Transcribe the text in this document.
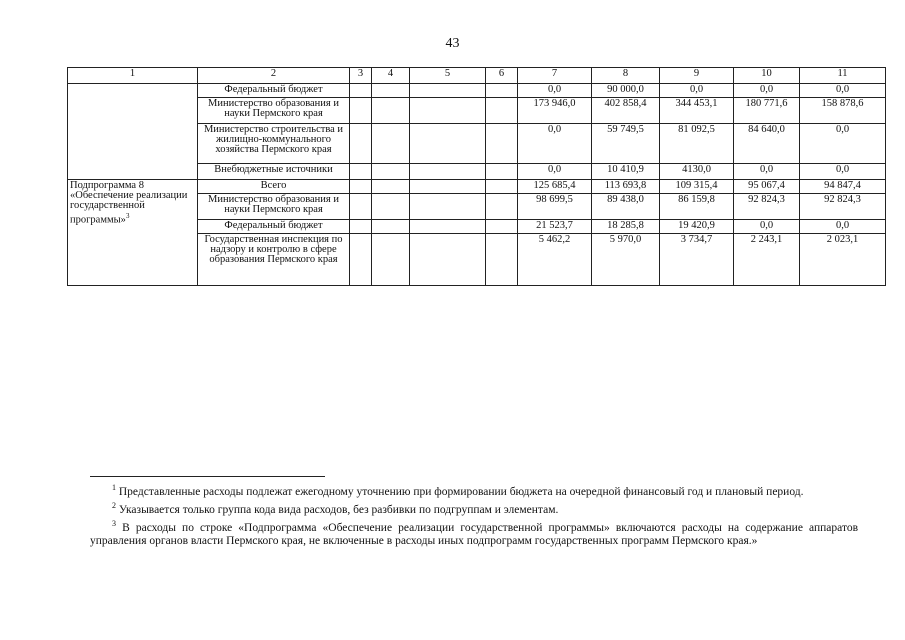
43
1	2	3	4	5	6	7	8	9	10	11
	Федеральный бюджет					0,0	90 000,0	0,0	0,0	0,0
	Министерство образования и науки Пермского края					173 946,0	402 858,4	344 453,1	180 771,6	158 878,6
	Министерство строительства и жилищно-коммунального хозяйства Пермского края					0,0	59 749,5	81 092,5	84 640,0	0,0
	Внебюджетные источники					0,0	10 410,9	4130,0	0,0	0,0
Подпрограмма 8 «Обеспечение реализации государственной программы»$^3$	Всего					125 685,4	113 693,8	109 315,4	95 067,4	94 847,4
	Министерство образования и науки Пермского края					98 699,5	89 438,0	86 159,8	92 824,3	92 824,3
	Федеральный бюджет					21 523,7	18 285,8	19 420,9	0,0	0,0
	Государственная инспекция по надзору и контролю в сфере образования Пермского края					5 462,2	5 970,0	3 734,7	2 243,1	2 023,1

$^1$ Представленные расходы подлежат ежегодному уточнению при формировании бюджета на очередной финансовый год и плановый период.

$^2$ Указывается только группа кода вида расходов, без разбивки по подгруппам и элементам.

$^3$ В расходы по строке «Подпрограмма «Обеспечение реализации государственной программы» включаются расходы на содержание аппаратов управления органов власти Пермского края, не включенные в расходы иных подпрограмм государственных программ Пермского края.»
